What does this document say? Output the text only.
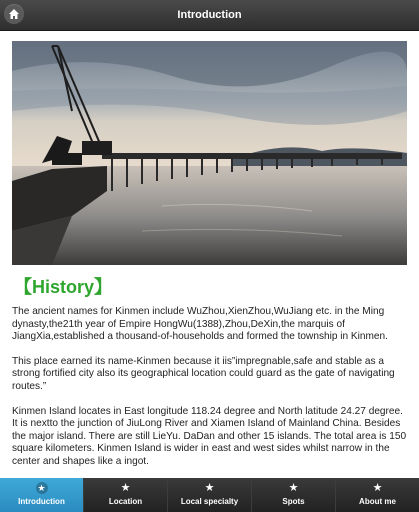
Introduction
【History】

The ancient names for Kinmen include WuZhou,XienZhou,WuJiang etc. in the Ming dynasty,the21th year of Empire HongWu(1388),Zhou,DeXin,the marquis of JiangXia,established a thousand-of-households and formed the township in Kinmen.

This place earned its name-Kinmen because it iis”impregnable,safe and stable as a strong fortified city also its geographical location could guard as the gate of navigating routes.”

Kinmen Island locates in East longitude 118.24 degree and North latitude 24.27 degree. It is nextto the junction of JiuLong River and Xiamen Island of Mainland China. Besides the major island. There are still LieYu. DaDan and other 15 islands. The total area is 150 square kilometers. Kinmen Island is wider in east and west sides whilst narrow in the center and shapes like a ingot.

★
Introduction
★
Location
★
Local specialty
★
Spots
★
About me
